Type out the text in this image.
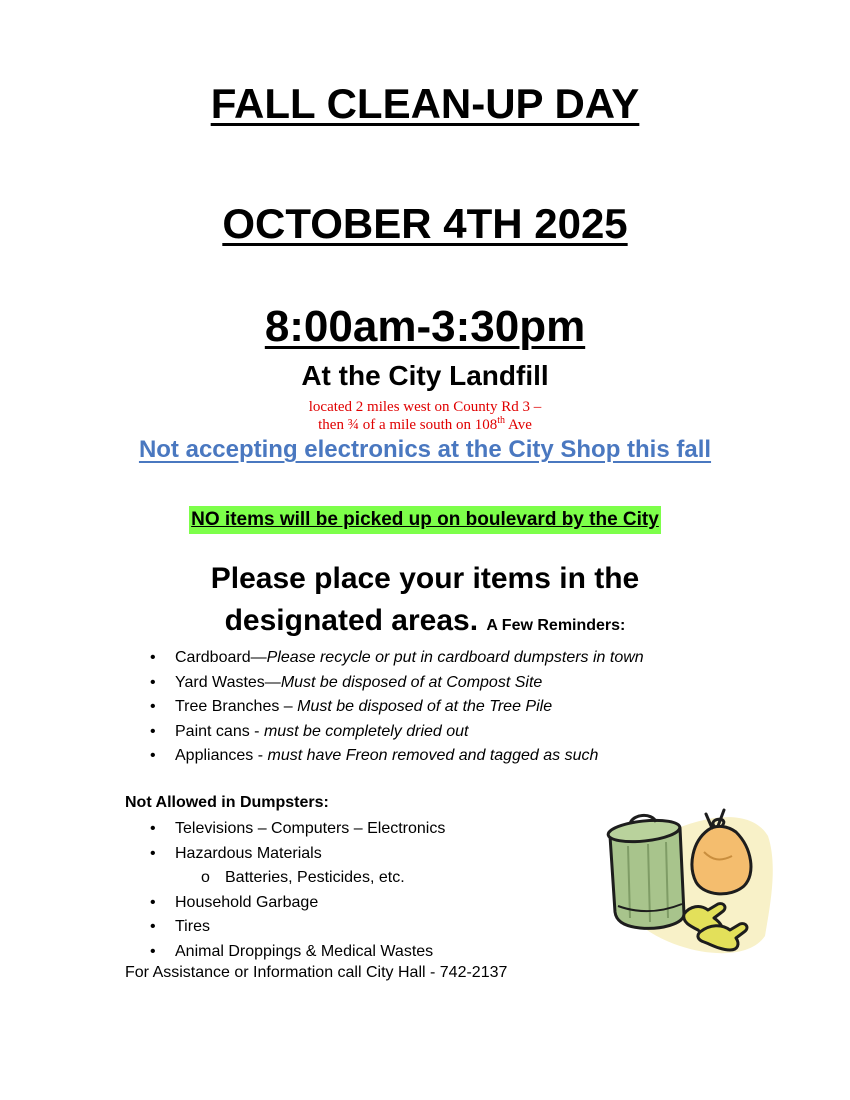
FALL CLEAN-UP DAY
OCTOBER 4TH 2025
8:00am-3:30pm
At the City Landfill
located 2 miles west on County Rd 3 –
then ¾ of a mile south on 108th Ave
Not accepting electronics at the City Shop this fall
NO items will be picked up on boulevard by the City
Please place your items in the
designated areas. A Few Reminders:
• Cardboard—Please recycle or put in cardboard dumpsters in town
• Yard Wastes—Must be disposed of at Compost Site
• Tree Branches – Must be disposed of at the Tree Pile
• Paint cans - must be completely dried out
• Appliances - must have Freon removed and tagged as such
Not Allowed in Dumpsters:
• Televisions – Computers – Electronics
• Hazardous Materials
o Batteries, Pesticides, etc.
• Household Garbage
• Tires
• Animal Droppings & Medical Wastes
For Assistance or Information call City Hall - 742-2137
